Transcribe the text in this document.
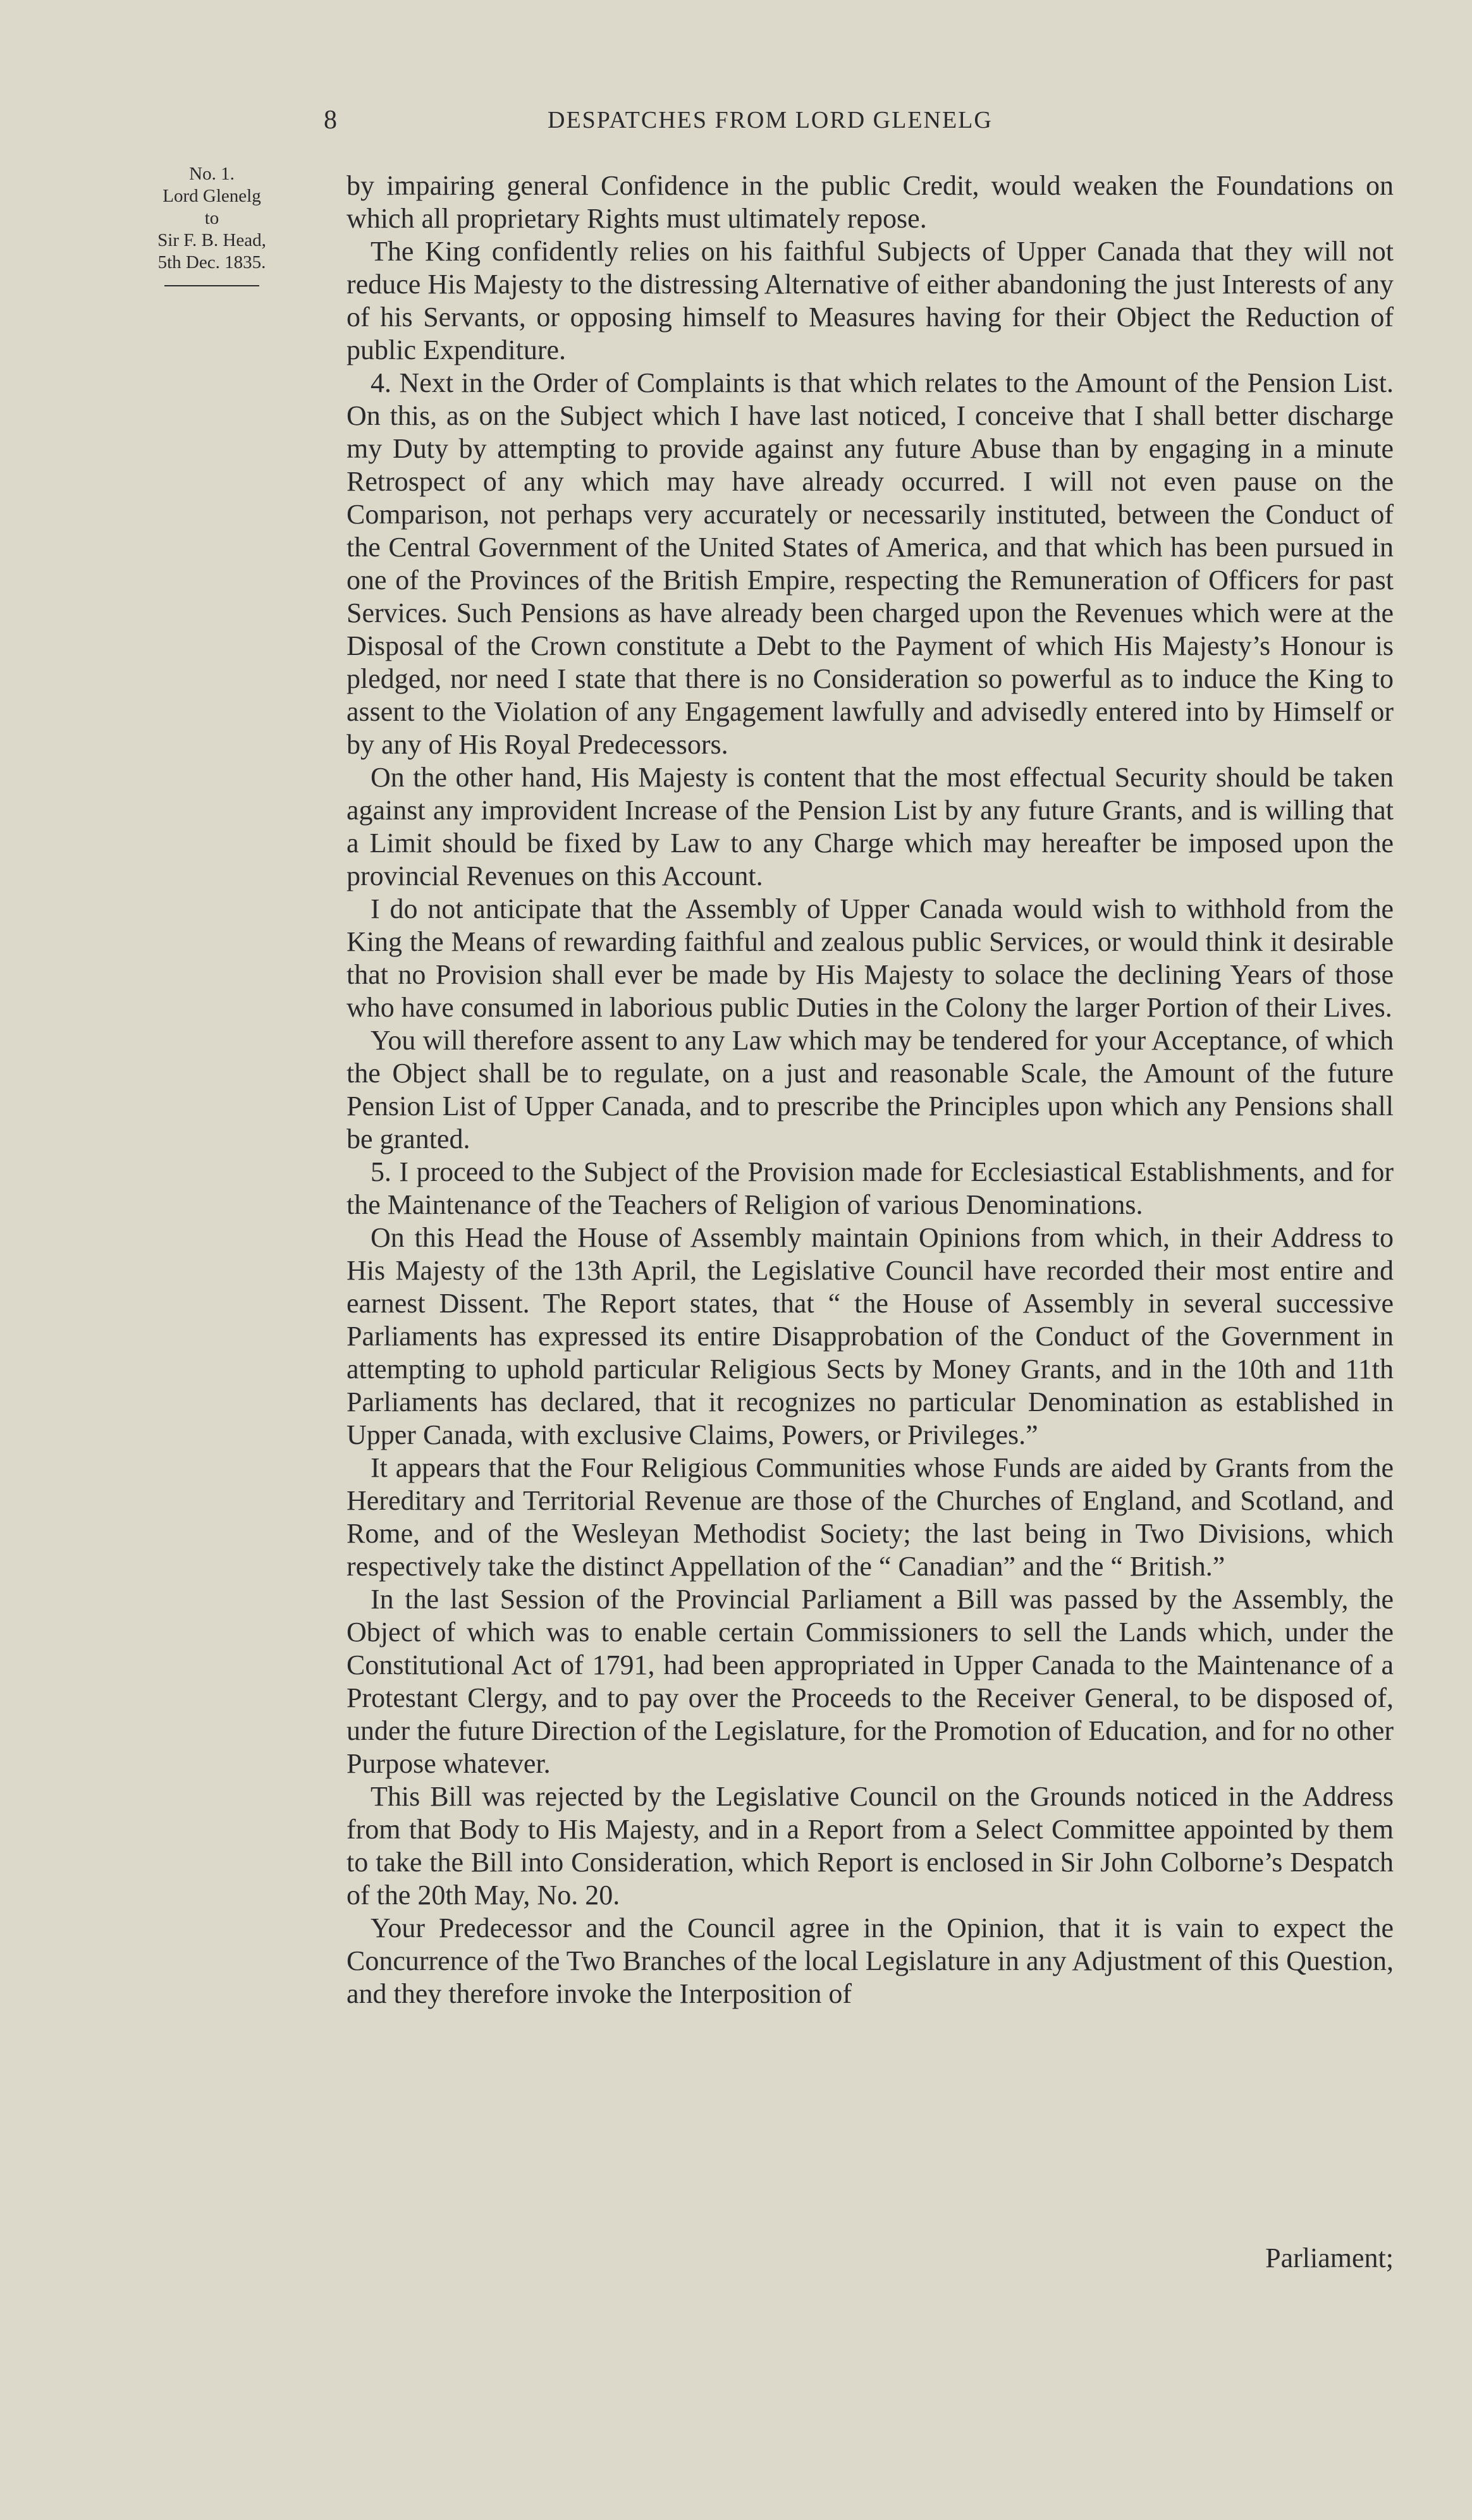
8	DESPATCHES FROM LORD GLENELG
No. 1.
Lord Glenelg
to
Sir F. B. Head,
5th Dec. 1835.

by impairing general Confidence in the public Credit, would weaken the Foundations on which all proprietary Rights must ultimately repose.

The King confidently relies on his faithful Subjects of Upper Canada that they will not reduce His Majesty to the distressing Alternative of either abandoning the just Interests of any of his Servants, or opposing himself to Measures having for their Object the Reduction of public Expenditure.

4. Next in the Order of Complaints is that which relates to the Amount of the Pension List. On this, as on the Subject which I have last noticed, I conceive that I shall better discharge my Duty by attempting to provide against any future Abuse than by engaging in a minute Retrospect of any which may have already occurred. I will not even pause on the Comparison, not perhaps very accurately or necessarily instituted, between the Conduct of the Central Government of the United States of America, and that which has been pursued in one of the Provinces of the British Empire, respecting the Remuneration of Officers for past Services. Such Pensions as have already been charged upon the Revenues which were at the Disposal of the Crown constitute a Debt to the Payment of which His Majesty’s Honour is pledged, nor need I state that there is no Consideration so powerful as to induce the King to assent to the Violation of any Engagement lawfully and advisedly entered into by Himself or by any of His Royal Predecessors.

On the other hand, His Majesty is content that the most effectual Security should be taken against any improvident Increase of the Pension List by any future Grants, and is willing that a Limit should be fixed by Law to any Charge which may hereafter be imposed upon the provincial Revenues on this Account.

I do not anticipate that the Assembly of Upper Canada would wish to withhold from the King the Means of rewarding faithful and zealous public Services, or would think it desirable that no Provision shall ever be made by His Majesty to solace the declining Years of those who have consumed in laborious public Duties in the Colony the larger Portion of their Lives.

You will therefore assent to any Law which may be tendered for your Acceptance, of which the Object shall be to regulate, on a just and reasonable Scale, the Amount of the future Pension List of Upper Canada, and to prescribe the Principles upon which any Pensions shall be granted.

5. I proceed to the Subject of the Provision made for Ecclesiastical Establishments, and for the Maintenance of the Teachers of Religion of various Denominations.

On this Head the House of Assembly maintain Opinions from which, in their Address to His Majesty of the 13th April, the Legislative Council have recorded their most entire and earnest Dissent. The Report states, that “ the House of Assembly in several successive Parliaments has expressed its entire Disapprobation of the Conduct of the Government in attempting to uphold particular Religious Sects by Money Grants, and in the 10th and 11th Parliaments has declared, that it recognizes no particular Denomination as established in Upper Canada, with exclusive Claims, Powers, or Privileges.”

It appears that the Four Religious Communities whose Funds are aided by Grants from the Hereditary and Territorial Revenue are those of the Churches of England, and Scotland, and Rome, and of the Wesleyan Methodist Society; the last being in Two Divisions, which respectively take the distinct Appellation of the “ Canadian” and the “ British.”

In the last Session of the Provincial Parliament a Bill was passed by the Assembly, the Object of which was to enable certain Commissioners to sell the Lands which, under the Constitutional Act of 1791, had been appropriated in Upper Canada to the Maintenance of a Protestant Clergy, and to pay over the Proceeds to the Receiver General, to be disposed of, under the future Direction of the Legislature, for the Promotion of Education, and for no other Purpose whatever.

This Bill was rejected by the Legislative Council on the Grounds noticed in the Address from that Body to His Majesty, and in a Report from a Select Committee appointed by them to take the Bill into Consideration, which Report is enclosed in Sir John Colborne’s Despatch of the 20th May, No. 20.

Your Predecessor and the Council agree in the Opinion, that it is vain to expect the Concurrence of the Two Branches of the local Legislature in any Adjustment of this Question, and they therefore invoke the Interposition of

Parliament;
